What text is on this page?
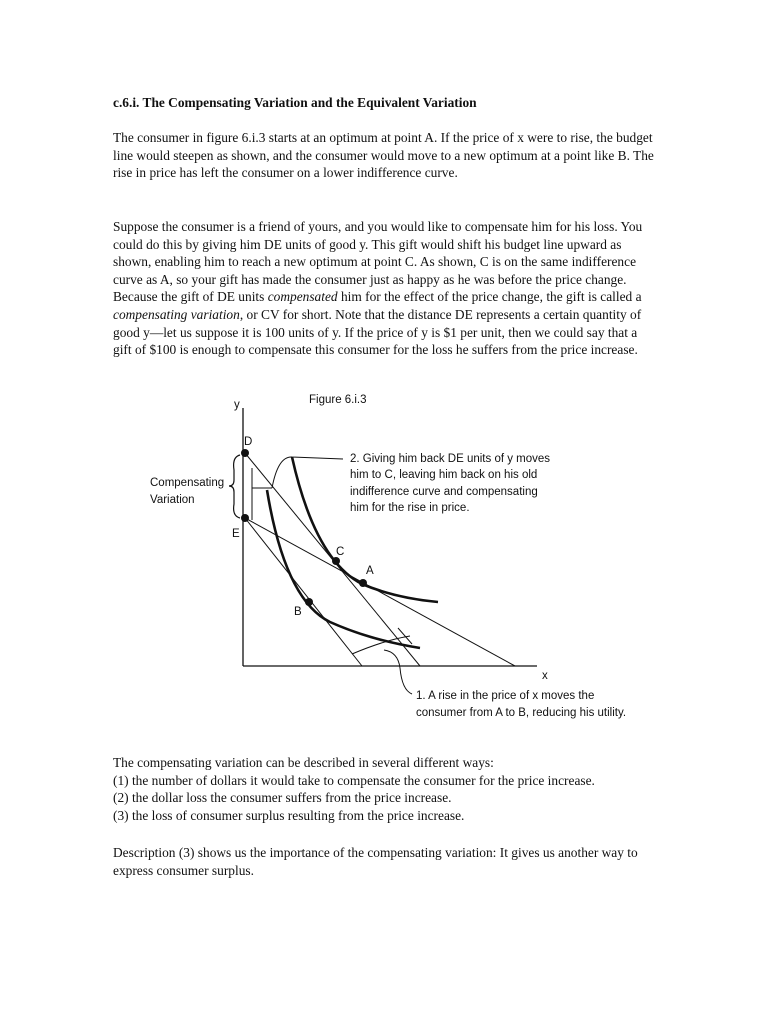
c.6.i. The Compensating Variation and the Equivalent Variation
The consumer in figure 6.i.3 starts at an optimum at point A. If the price of x were to rise, the budget line would steepen as shown, and the consumer would move to a new optimum at a point like B. The rise in price has left the consumer on a lower indifference curve.
Suppose the consumer is a friend of yours, and you would like to compensate him for his loss. You could do this by giving him DE units of good y. This gift would shift his budget line upward as shown, enabling him to reach a new optimum at point C. As shown, C is on the same indifference curve as A, so your gift has made the consumer just as happy as he was before the price change. Because the gift of DE units compensated him for the effect of the price change, the gift is called a compensating variation, or CV for short. Note that the distance DE represents a certain quantity of good y—let us suppose it is 100 units of y. If the price of y is $1 per unit, then we could say that a gift of $100 is enough to compensate this consumer for the loss he suffers from the price increase.
y
x
Figure 6.i.3
D
E
A
C
B
Compensating
Variation
2. Giving him back DE units of y moves
him to C, leaving him back on his old
indifference curve and compensating
him for the rise in price.
1. A rise in the price of x moves the
consumer from A to B, reducing his utility.
The compensating variation can be described in several different ways:
(1) the number of dollars it would take to compensate the consumer for the price increase.
(2) the dollar loss the consumer suffers from the price increase.
(3) the loss of consumer surplus resulting from the price increase.
Description (3) shows us the importance of the compensating variation: It gives us another way to express consumer surplus.
